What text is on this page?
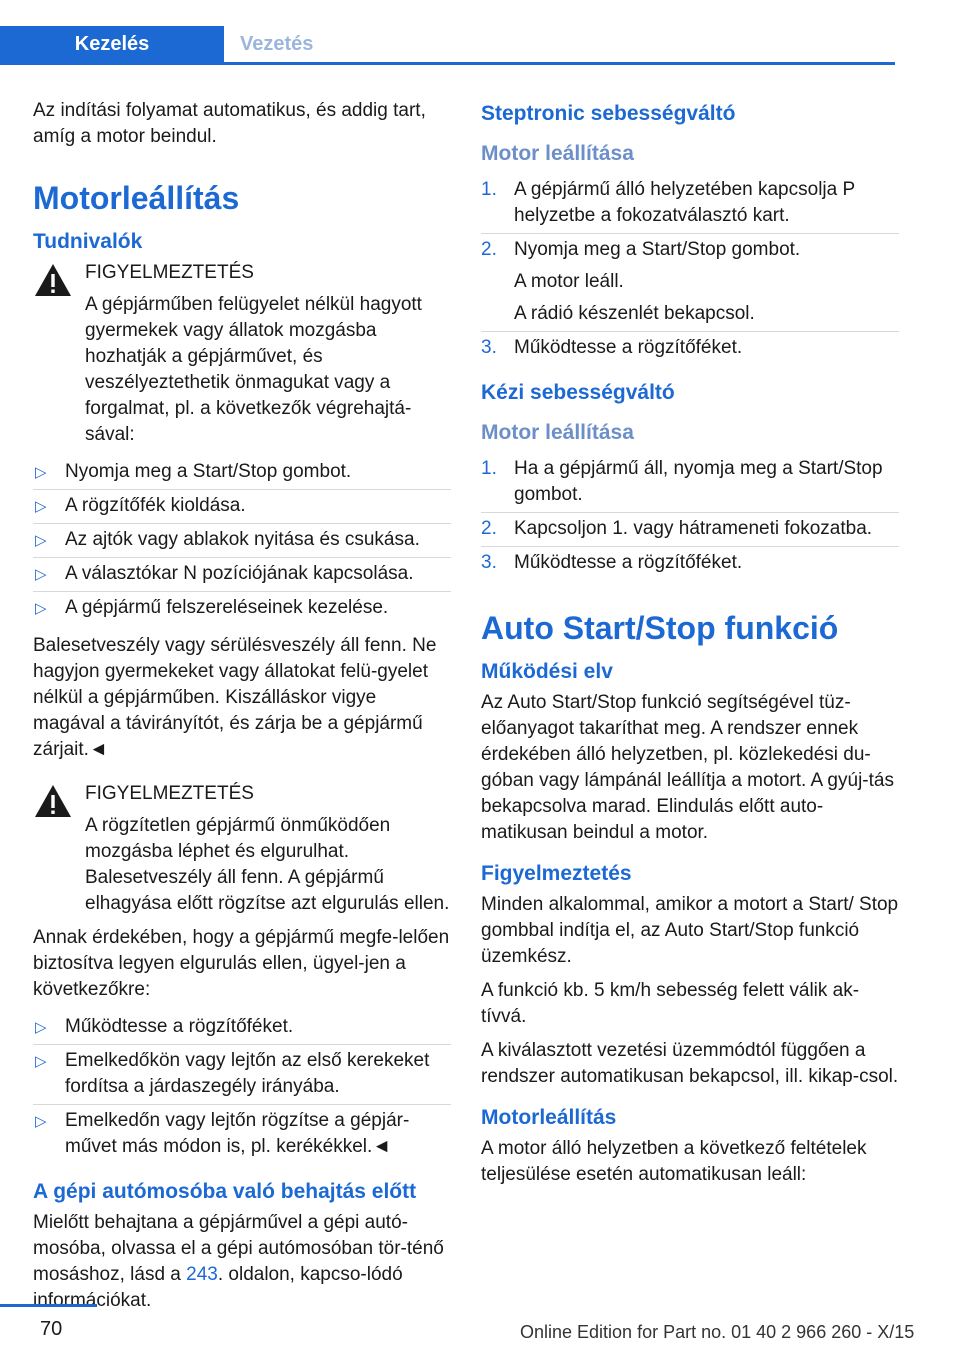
Kezelés	Vezetés

Az indítási folyamat automatikus, és addig tart, amíg a motor beindul.

Motorleállítás
Tudnivalók

FIGYELMEZTETÉS

A gépjárműben felügyelet nélkül hagyott gyermekek vagy állatok mozgásba hozhatják a gépjárművet, és veszélyeztethetik önmagukat vagy a forgalmat, pl. a következők végrehajtá‐sával:

▷ Nyomja meg a Start/Stop gombot.
▷ A rögzítőfék kioldása.
▷ Az ajtók vagy ablakok nyitása és csukása.
▷ A választókar N pozíciójának kapcsolása.
▷ A gépjármű felszereléseinek kezelése.

Balesetveszély vagy sérülésveszély áll fenn. Ne hagyjon gyermekeket vagy állatokat felü‐gyelet nélkül a gépjárműben. Kiszálláskor vigye magával a távirányítót, és zárja be a gépjármű zárjait.◄

FIGYELMEZTETÉS

A rögzítetlen gépjármű önműködően mozgásba léphet és elgurulhat. Balesetveszély áll fenn. A gépjármű elhagyása előtt rögzítse azt elgurulás ellen.

Annak érdekében, hogy a gépjármű megfe‐lelően biztosítva legyen elgurulás ellen, ügyel‐jen a következőkre:

▷ Működtesse a rögzítőféket.
▷ Emelkedőkön vagy lejtőn az első kerekeket fordítsa a járdaszegély irányába.
▷ Emelkedőn vagy lejtőn rögzítse a gépjár‐művet más módon is, pl. kerékékkel.◄
A gépi autómosóba való behajtás előtt

Mielőtt behajtana a gépjárművel a gépi autó‐mosóba, olvassa el a gépi autómosóban tör‐ténő mosáshoz, lásd a 243. oldalon, kapcso‐lódó információkat.

Steptronic sebességváltó
Motor leállítása
1. A gépjármű álló helyzetében kapcsolja P helyzetbe a fokozatválasztó kart.
2. Nyomja meg a Start/Stop gombot.
A motor leáll.
A rádió készenlét bekapcsol.
3. Működtesse a rögzítőféket.
Kézi sebességváltó
Motor leállítása
1. Ha a gépjármű áll, nyomja meg a Start/Stop gombot.
2. Kapcsoljon 1. vagy hátrameneti fokozatba.
3. Működtesse a rögzítőféket.
Auto Start/Stop funkció
Működési elv

Az Auto Start/Stop funkció segítségével tüz‐előanyagot takaríthat meg. A rendszer ennek érdekében álló helyzetben, pl. közlekedési du‐góban vagy lámpánál leállítja a motort. A gyúj‐tás bekapcsolva marad. Elindulás előtt auto‐matikusan beindul a motor.

Figyelmeztetés

Minden alkalommal, amikor a motort a Start/ Stop gombbal indítja el, az Auto Start/Stop funkció üzemkész.

A funkció kb. 5 km/h sebesség felett válik ak‐tívvá.

A kiválasztott vezetési üzemmódtól függően a rendszer automatikusan bekapcsol, ill. kikap‐csol.

Motorleállítás

A motor álló helyzetben a következő feltételek teljesülése esetén automatikusan leáll:

70	Online Edition for Part no. 01 40 2 966 260 - X/15
